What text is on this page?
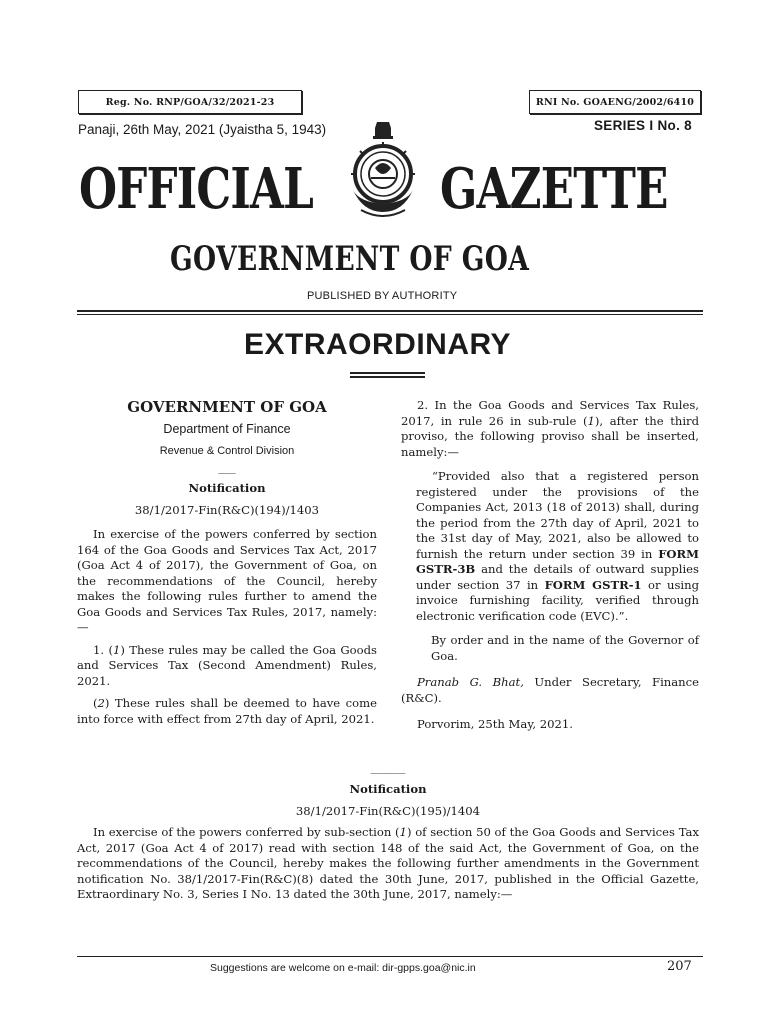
Reg. No. RNP/GOA/32/2021-23	RNI No. GOAENG/2002/6410
Panaji, 26th May, 2021 (Jyaistha 5, 1943)	SERIES I No. 8
OFFICIAL GAZETTE
GOVERNMENT OF GOA
PUBLISHED BY AUTHORITY
EXTRAORDINARY

GOVERNMENT OF GOA

Department of Finance

Revenue & Control Division

___

Notification

38/1/2017-Fin(R&C)(194)/1403

In exercise of the powers conferred by section 164 of the Goa Goods and Services Tax Act, 2017 (Goa Act 4 of 2017), the Government of Goa, on the recommendations of the Council, hereby makes the following rules further to amend the Goa Goods and Services Tax Rules, 2017, namely:—

1. (1) These rules may be called the Goa Goods and Services Tax (Second Amendment) Rules, 2021.

(2) These rules shall be deemed to have come into force with effect from 27th day of April, 2021.

2. In the Goa Goods and Services Tax Rules, 2017, in rule 26 in sub-rule (1), after the third proviso, the following proviso shall be inserted, namely:—

“Provided also that a registered person registered under the provisions of the Companies Act, 2013 (18 of 2013) shall, during the period from the 27th day of April, 2021 to the 31st day of May, 2021, also be allowed to furnish the return under section 39 in FORM GSTR-3B and the details of outward supplies under section 37 in FORM GSTR-1 or using invoice furnishing facility, verified through electronic verification code (EVC).”.

By order and in the name of the Governor of Goa.

Pranab G. Bhat, Under Secretary, Finance (R&C).

Porvorim, 25th May, 2021.

______

Notification

38/1/2017-Fin(R&C)(195)/1404

In exercise of the powers conferred by sub-section (1) of section 50 of the Goa Goods and Services Tax Act, 2017 (Goa Act 4 of 2017) read with section 148 of the said Act, the Government of Goa, on the recommendations of the Council, hereby makes the following further amendments in the Government notification No. 38/1/2017-Fin(R&C)(8) dated the 30th June, 2017, published in the Official Gazette, Extraordinary No. 3, Series I No. 13 dated the 30th June, 2017, namely:—

Suggestions are welcome on e-mail: dir-gpps.goa@nic.in	207
